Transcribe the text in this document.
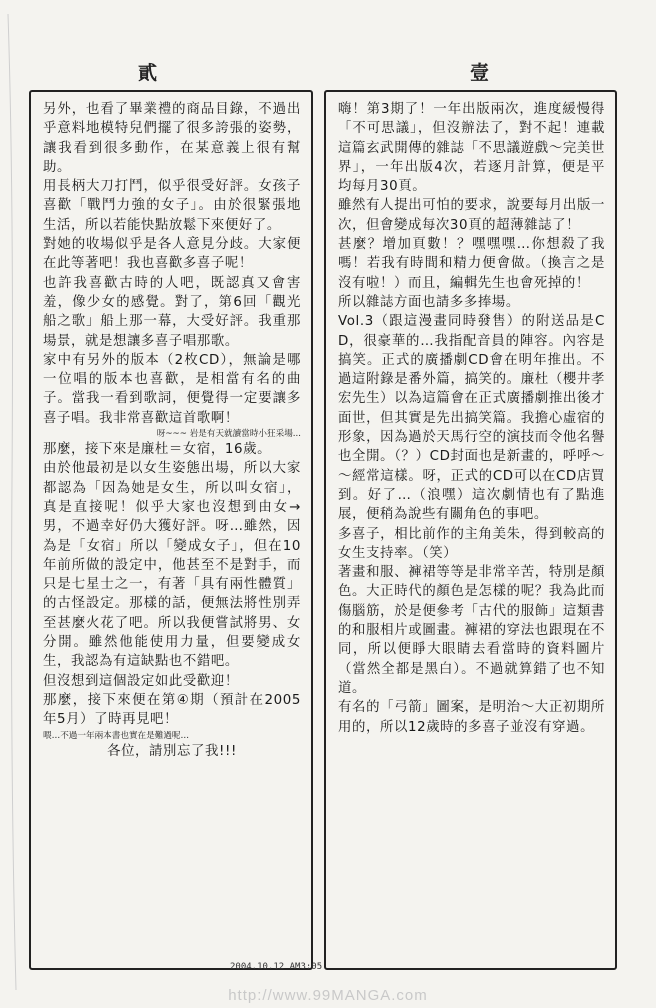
貳	壹

另外，也看了畢業禮的商品目錄，不過出乎意料地模特兒們擺了很多誇張的姿勢，讓我看到很多動作，在某意義上很有幫助。

用長柄大刀打鬥，似乎很受好評。女孩子喜歡「戰鬥力強的女子」。由於很緊張地生活，所以若能快點放鬆下來便好了。

對她的收場似乎是各人意見分歧。大家便在此等著吧！我也喜歡多喜子呢！

也許我喜歡古時的人吧，既認真又會害羞，像少女的感覺。對了，第6回「觀光船之歌」船上那一幕，大受好評。我重那場景，就是想讓多喜子唱那歌。

家中有另外的版本（2枚CD），無論是哪一位唱的版本也喜歡，是相當有名的曲子。當我一看到歌詞，便覺得一定要讓多喜子唱。我非常喜歡這首歌啊！

呀~~~ 岩是有天就讀當時小狂采場...

那麼，接下來是廉杜＝女宿，16歲。

由於他最初是以女生姿態出場，所以大家都認為「因為她是女生，所以叫女宿」，真是直接呢！似乎大家也沒想到由女→男，不過幸好仍大獲好評。呀…雖然，因為是「女宿」所以「變成女子」，但在10年前所做的設定中，他甚至不是對手，而只是七星士之一，有著「具有兩性體質」的古怪設定。那樣的話，便無法將性別弄至甚麼火花了吧。所以我便嘗試將男、女分開。雖然他能使用力量，但要變成女生，我認為有這缺點也不錯吧。

但沒想到這個設定如此受歡迎！

那麼，接下來便在第④期（預計在2005年5月）了時再見吧！

喂…不過一年兩本書也實在是難過呢…

各位，請別忘了我!!!

嗨！第3期了！一年出版兩次，進度緩慢得「不可思議」，但沒辦法了，對不起！連載這篇玄武開傳的雜誌「不思議遊戲～完美世界」，一年出版4次，若逐月計算，便是平均每月30頁。

雖然有人提出可怕的要求，說要每月出版一次，但會變成每次30頁的超薄雜誌了！

甚麼？增加頁數！？嘿嘿嘿…你想殺了我嗎！若我有時間和精力便會做。（換言之是沒有啦！）而且，編輯先生也會死掉的！

所以雜誌方面也請多多捧場。

Vol.3（跟這漫畫同時發售）的附送品是CD，很豪華的…我指配音員的陣容。內容是搞笑。正式的廣播劇CD會在明年推出。不過這附錄是番外篇，搞笑的。廉杜（櫻井孝宏先生）以為這篇會在正式廣播劇推出後才面世，但其實是先出搞笑篇。我擔心虛宿的形象，因為過於天馬行空的演技而令他名譽也全開。（？）CD封面也是新畫的，呼呼～～經常這樣。呀，正式的CD可以在CD店買到。好了…（浪嘿）這次劇情也有了點進展，便稍為說些有關角色的事吧。

多喜子，相比前作的主角美朱，得到較高的女生支持率。（笑）

著畫和服、褲裙等等是非常辛苦，特別是顏色。大正時代的顏色是怎樣的呢？我為此而傷腦筋，於是便參考「古代的服飾」這類書的和服相片或圖畫。褲裙的穿法也跟現在不同，所以便睜大眼睛去看當時的資料圖片（當然全都是黑白）。不過就算錯了也不知道。

有名的「弓箭」圖案，是明治～大正初期所用的，所以12歲時的多喜子並沒有穿過。

2004.10.12 AM3:05
http://www.99MANGA.com
